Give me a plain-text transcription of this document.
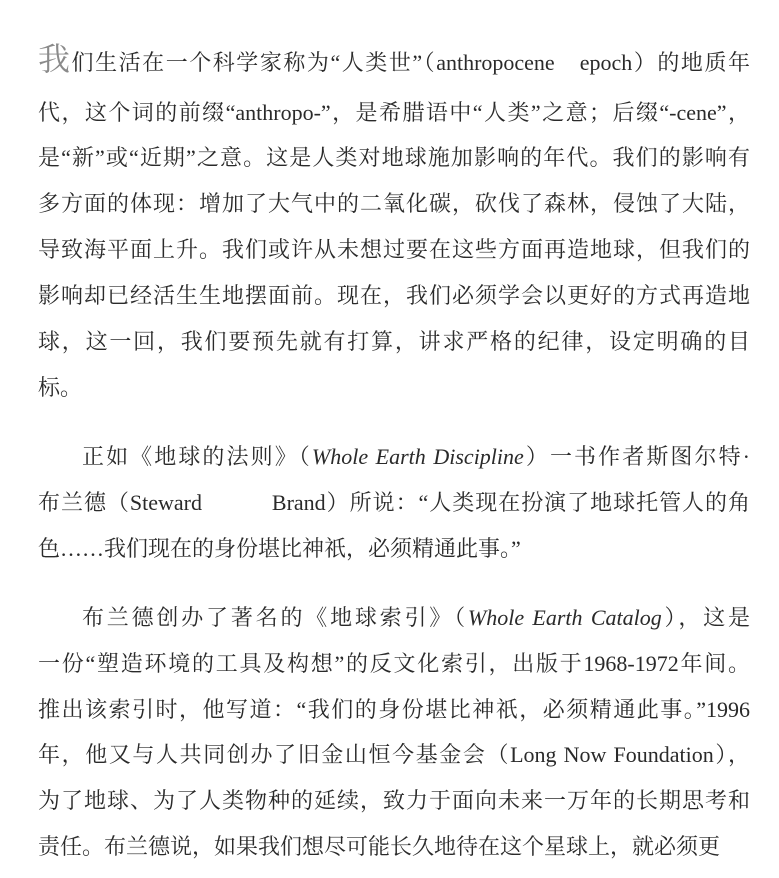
我们生活在一个科学家称为“人类世”（anthropocene　epoch）的地质年
代，这个词的前缀“anthropo-”，是希腊语中“人类”之意；后缀“-cene”，
是“新”或“近期”之意。这是人类对地球施加影响的年代。我们的影响有
多方面的体现：增加了大气中的二氧化碳，砍伐了森林，侵蚀了大陆，
导致海平面上升。我们或许从未想过要在这些方面再造地球，但我们的
影响却已经活生生地摆面前。现在，我们必须学会以更好的方式再造地
球，这一回，我们要预先就有打算，讲求严格的纪律，设定明确的目
标。
正如《地球的法则》（Whole Earth Discipline）一书作者斯图尔特·
布兰德（Steward　　　Brand）所说：“人类现在扮演了地球托管人的角
色……我们现在的身份堪比神祇，必须精通此事。”
布兰德创办了著名的《地球索引》（Whole Earth Catalog），这是
一份“塑造环境的工具及构想”的反文化索引，出版于1968-1972年间。
推出该索引时，他写道：“我们的身份堪比神祇，必须精通此事。”1996
年，他又与人共同创办了旧金山恒今基金会（Long Now Foundation），
为了地球、为了人类物种的延续，致力于面向未来一万年的长期思考和
责任。布兰德说，如果我们想尽可能长久地待在这个星球上，就必须更
